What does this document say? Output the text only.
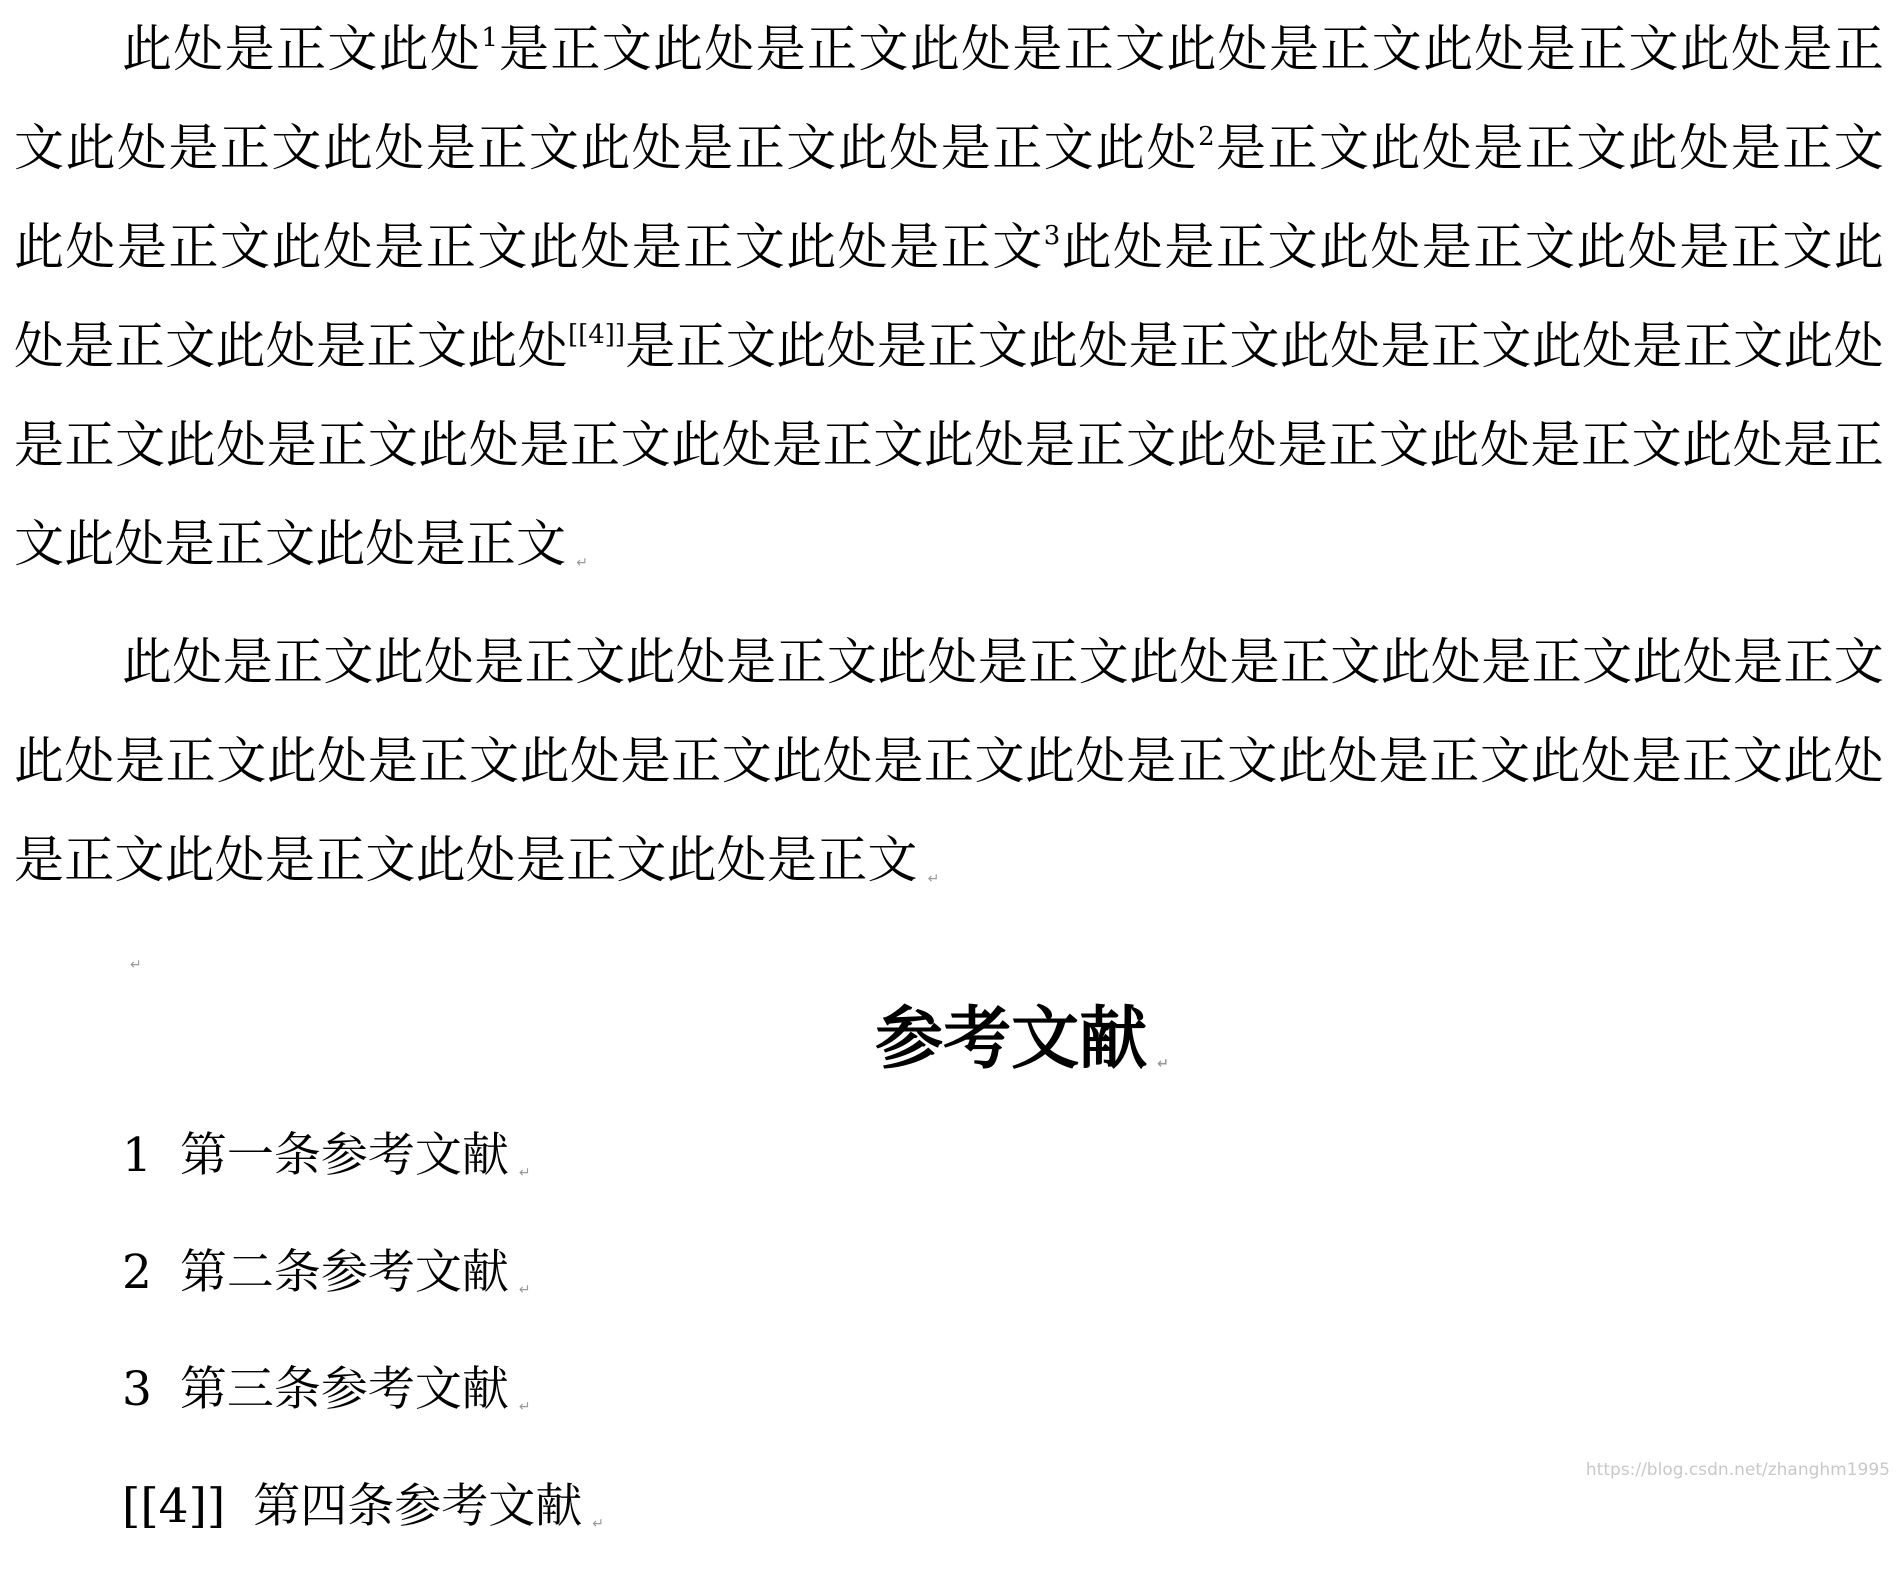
此处是正文此处$^1$是正文此处是正文此处是正文此处是正文此处是正文此处是正文此处是正文此处是正文此处是正文此处是正文此处$^2$是正文此处是正文此处是正文此处是正文此处是正文此处是正文此处是正文$^3$此处是正文此处是正文此处是正文此处是正文此处是正文此处[[4]]是正文此处是正文此处是正文此处是正文此处是正文此处是正文此处是正文此处是正文此处是正文此处是正文此处是正文此处是正文此处是正文此处是正文此处是正文 ↵

此处是正文此处是正文此处是正文此处是正文此处是正文此处是正文此处是正文此处是正文此处是正文此处是正文此处是正文此处是正文此处是正文此处是正文此处是正文此处是正文此处是正文此处是正文 ↵

↵
参考文献 ↵
1 第一条参考文献 ↵
2 第二条参考文献 ↵
3 第三条参考文献 ↵
[[4]] 第四条参考文献 ↵
https://blog.csdn.net/zhanghm1995
